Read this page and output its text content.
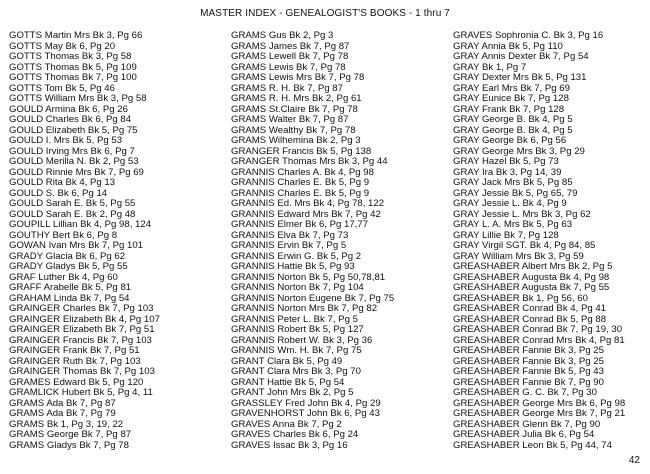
MASTER INDEX - GENEALOGIST'S BOOKS - 1 thru 7
GOTTS Martin Mrs Bk 3, Pg 66
GOTTS May Bk 6, Pg 20
GOTTS Thomas Bk 3, Pg 58
GOTTS Thomas Bk 5, Pg 109
GOTTS Thomas Bk 7, Pg 100
GOTTS Tom Bk 5, Pg 46
GOTTS William Mrs Bk 3, Pg 58
GOULD Armina Bk 6, Pg 26
GOULD Charles Bk 6, Pg 84
GOULD Elizabeth Bk 5, Pg 75
GOULD I. Mrs Bk 5, Pg 53
GOULD Irving Mrs Bk 6, Pg 7
GOULD Merilla N. Bk 2, Pg 53
GOULD Rinnie Mrs Bk 7, Pg 69
GOULD Rita Bk 4, Pg 13
GOULD S. Bk 6, Pg 14
GOULD Sarah E. Bk 5, Pg 55
GOULD Sarah E. Bk 2, Pg 48
GOUPILL Lillian Bk 4, Pg 98, 124
GOUTHY Bert Bk 6, Pg 8
GOWAN Ivan Mrs Bk 7, Pg 101
GRADY Glacia Bk 6, Pg 62
GRADY Gladys Bk 5, Pg 55
GRAF Luther Bk 4, Pg 60
GRAFF Arabelle Bk 5, Pg 81
GRAHAM Linda Bk 7, Pg 54
GRAINGER Charles Bk 7, Pg 103
GRAINGER Elizabeth Bk 4, Pg 107
GRAINGER Elizabeth Bk 7, Pg 51
GRAINGER Francis Bk 7, Pg 103
GRAINGER Frank Bk 7, Pg 51
GRAINGER Ruth Bk 7, Pg 103
GRAINGER Thomas Bk 7, Pg 103
GRAMES Edward Bk 5, Pg 120
GRAMLICK Hubert Bk 5, Pg 4, 11
GRAMS Ada Bk 7, Pg 87
GRAMS Ada Bk 7, Pg 79
GRAMS Bk 1, Pg 3, 19, 22
GRAMS George Bk 7, Pg 87
GRAMS Gladys Bk 7, Pg 78
GRAMS Gus Bk 2, Pg 3
GRAMS James Bk 7, Pg 87
GRAMS Lewell Bk 7, Pg 78
GRAMS Lewis Bk 7, Pg 78
GRAMS Lewis Mrs Bk 7, Pg 78
GRAMS R. H. Bk 7, Pg 87
GRAMS R. H. Mrs Bk 2, Pg 61
GRAMS St.Claire Bk 7, Pg 78
GRAMS Walter Bk 7, Pg 87
GRAMS Wealthy Bk 7, Pg 78
GRAMS Wilhemina Bk 2, Pg 3
GRANGER Francis Bk 5, Pg 138
GRANGER Thomas Mrs Bk 3, Pg 44
GRANNIS Charles A. Bk 4, Pg 98
GRANNIS Charles E. Bk 5, Pg 9
GRANNIS Charles E. Bk 5, Pg 9
GRANNIS Ed. Mrs Bk 4, Pg 78, 122
GRANNIS Edward Mrs Bk 7, Pg 42
GRANNIS Elmer Bk 6, Pg 17,77
GRANNIS Elva Bk 7, Pg 73
GRANNIS Ervin Bk 7, Pg 5
GRANNIS Erwin G. Bk 5, Pg 2
GRANNIS Hattie Bk 5, Pg 93
GRANNIS Norton Bk 5, Pg 50,78,81
GRANNIS Norton Bk 7, Pg 104
GRANNIS Norton Eugene Bk 7, Pg 75
GRANNIS Norton Mrs Bk 7, Pg 82
GRANNIS Peter L. Bk 7, Pg 5
GRANNIS Robert Bk 5, Pg 127
GRANNIS Robert W. Bk 3, Pg 36
GRANNIS Wm. H. Bk 7, Pg 75
GRANT Clara Bk 5, Pg 49
GRANT Clara Mrs Bk 3, Pg 70
GRANT Hattie Bk 5, Pg 54
GRANT John Mrs Bk 2, Pg 5
GRASSLEY Fred John Bk 4, Pg 29
GRAVENHORST John Bk 6, Pg 43
GRAVES Anna Bk 7, Pg 2
GRAVES Charles Bk 6, Pg 24
GRAVES Issac Bk 3, Pg 16
GRAVES Sophronia C. Bk 3, Pg 16
GRAY Annia Bk 5, Pg 110
GRAY Annis Dexter Bk 7, Pg 54
GRAY Bk 1, Pg 7
GRAY Dexter Mrs Bk 5, Pg 131
GRAY Earl Mrs Bk 7, Pg 69
GRAY Eunice Bk 7, Pg 128
GRAY Frank Bk 7, Pg 128
GRAY George B. Bk 4, Pg 5
GRAY George B. Bk 4, Pg 5
GRAY George Bk 6, Pg 56
GRAY George Mrs Bk 3, Pg 29
GRAY Hazel Bk 5, Pg 73
GRAY Ira Bk 3, Pg 14, 39
GRAY Jack Mrs Bk 5, Pg 85
GRAY Jessie Bk 5, Pg 65, 79
GRAY Jessie L. Bk 4, Pg 9
GRAY Jessie L. Mrs Bk 3, Pg 62
GRAY L. A. Mrs Bk 5, Pg 63
GRAY Lillie Bk 7, Pg 128
GRAY Virgil SGT. Bk 4, Pg 84, 85
GRAY William Mrs Bk 3, Pg 59
GREASHABER Albert Mrs Bk 2, Pg 5
GREASHABER Augusta Bk 4, Pg 98
GREASHABER Augusta Bk 7, Pg 55
GREASHABER Bk 1, Pg 56, 60
GREASHABER Conrad Bk 4, Pg 41
GREASHABER Conrad Bk 5, Pg 88
GREASHABER Conrad Bk 7, Pg 19, 30
GREASHABER Conrad Mrs Bk 4, Pg 81
GREASHABER Fannie Bk 3, Pg 25
GREASHABER Fannie Bk 3, Pg 25
GREASHABER Fannie Bk 5, Pg 43
GREASHABER Fannie Bk 7, Pg 90
GREASHABER G. C. Bk 7, Pg 30
GREASHABER George Mrs Bk 6, Pg 98
GREASHABER George Mrs Bk 7, Pg 21
GREASHABER Glenn Bk 7, Pg 90
GREASHABER Julia Bk 6, Pg 54
GREASHABER Leon Bk 5, Pg 44, 74
42
